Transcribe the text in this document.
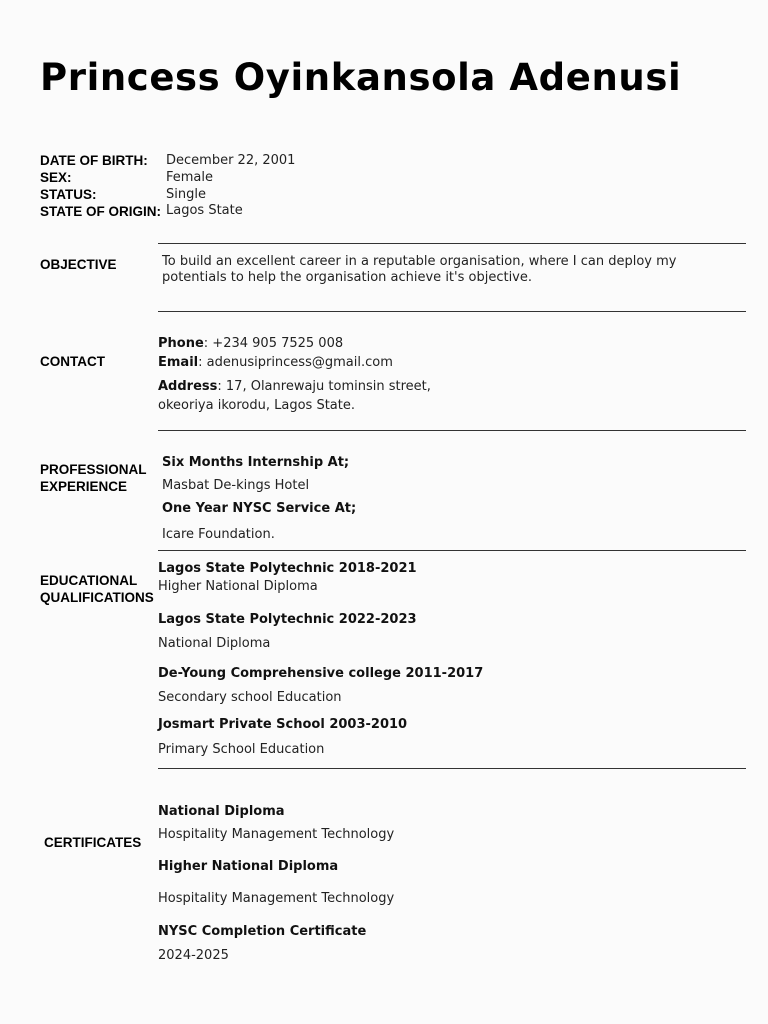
Princess Oyinkansola Adenusi
DATE OF BIRTH: December 22, 2001
SEX:	Female
STATUS:	Single
STATE OF ORIGIN: Lagos State
OBJECTIVE	To build an excellent career in a reputable organisation, where I can deploy my
potentials to help the organisation achieve it's objective.
CONTACT
Phone: +234 905 7525 008
Email: adenusiprincess@gmail.com
Address: 17, Olanrewaju tominsin street,
okeoriya ikorodu, Lagos State.
PROFESSIONAL
EXPERIENCE
Six Months Internship At;
Masbat De-kings Hotel
One Year NYSC Service At;
Icare Foundation.
EDUCATIONAL
QUALIFICATIONS
Lagos State Polytechnic 2018-2021
Higher National Diploma
Lagos State Polytechnic 2022-2023
National Diploma
De-Young Comprehensive college 2011-2017
Secondary school Education
Josmart Private School 2003-2010
Primary School Education
CERTIFICATES
National Diploma
Hospitality Management Technology
Higher National Diploma
Hospitality Management Technology
NYSC Completion Certificate
2024-2025
